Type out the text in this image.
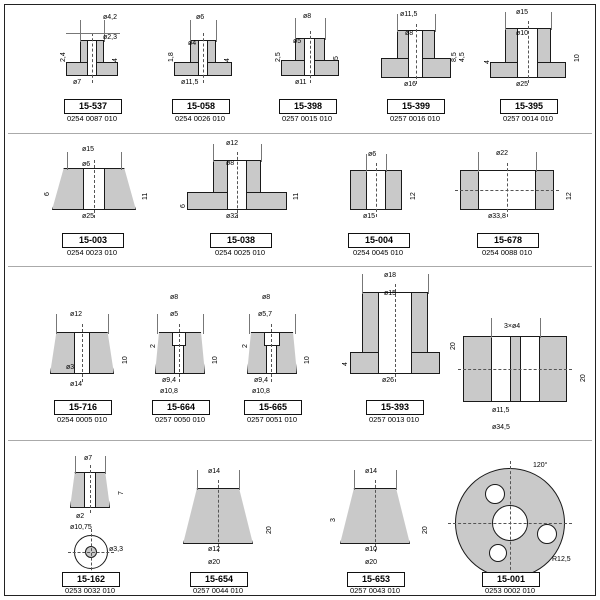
ø4,2
ø2,3
ø7
2,4	4
15-537
0254 0087 010
ø6
ø4
ø11,5
1,8	4
15-058
0254 0026 010
ø8
ø5
ø11
2,5	5
15-398
0257 0015 010
ø11,5
ø8
ø16
4,5
8,5
15-399
0257 0016 010
ø15
ø10
ø25
4
10
15-395
0257 0014 010
ø15
ø6
ø25
6	11
15-003
0254 0023 010
ø12
ø8
ø32
6
11
15-038
0254 0025 010
ø6
ø15
12
15-004
0254 0045 010
ø22
ø33,8
12
15-678
0254 0088 010
ø12
ø3
ø14
10
15-716
0254 0005 010
ø8
ø5
ø9,4
ø10,8
2
10
15-664
0257 0050 010
ø8
ø5,7
ø9,4
ø10,8
2
10
15-665
0257 0051 010
ø18
ø15
ø26
4
20
15-393
0257 0013 010
3×ø4
ø11,5
ø34,5
20
ø7
ø2
ø10,75
7
ø3,3
15-162
0253 0032 010
ø14
ø12
ø20
20
15-654
0257 0044 010
ø14
ø10
ø20
20
3
15-653
0257 0043 010
120°
R12,5
15-001
0253 0002 010
